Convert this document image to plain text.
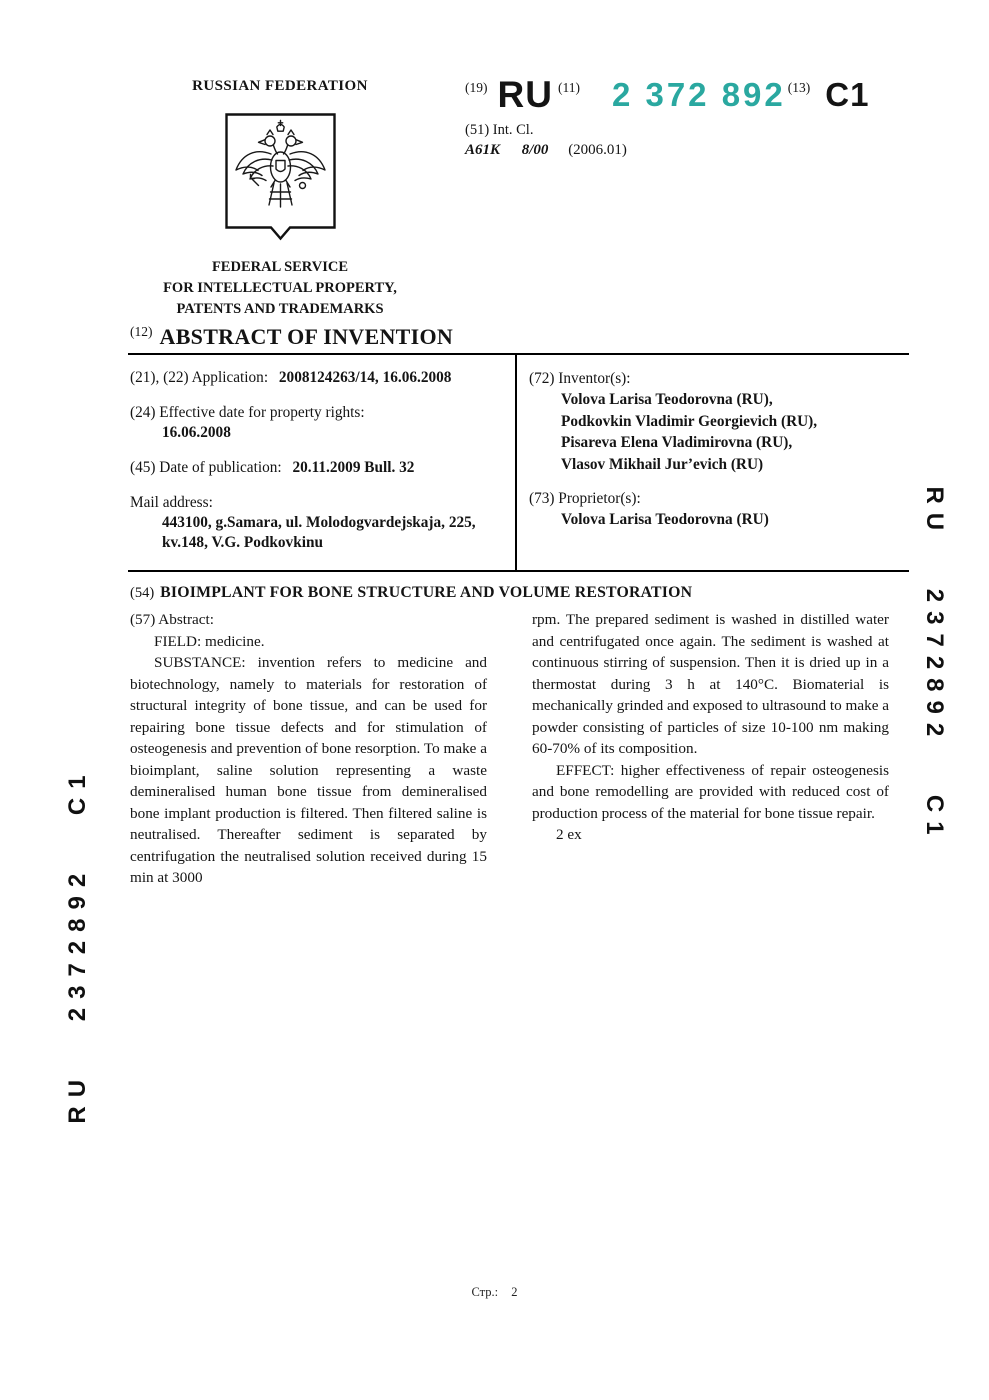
RU 2372892 C1
RU 2372892 C1
RUSSIAN FEDERATION
FEDERAL SERVICE
FOR INTELLECTUAL PROPERTY,
PATENTS AND TRADEMARKS
(19) RU (11) 2 372 892 (13) C1
(51) Int. Cl.
A61K 8/00 (2006.01)
$^{(12)}$ ABSTRACT OF INVENTION
(21), (22) Application: 2008124263/14, 16.06.2008
(24) Effective date for property rights:
16.06.2008
(45) Date of publication: 20.11.2009 Bull. 32
Mail address:
443100, g.Samara, ul. Molodogvardejskaja, 225, kv.148, V.G. Podkovkinu
(72) Inventor(s):
Volova Larisa Teodorovna (RU),
Podkovkin Vladimir Georgievich (RU),
Pisareva Elena Vladimirovna (RU),
Vlasov Mikhail Jur’evich (RU)
(73) Proprietor(s):
Volova Larisa Teodorovna (RU)
(54) BIOIMPLANT FOR BONE STRUCTURE AND VOLUME RESTORATION
(57) Abstract:

FIELD: medicine.

SUBSTANCE: invention refers to medicine and biotechnology, namely to materials for restoration of structural integrity of bone tissue, and can be used for repairing bone tissue defects and for stimulation of osteogenesis and prevention of bone resorption. To make a bioimplant, saline solution representing a waste demineralised human bone tissue from demineralised bone implant production is filtered. Then filtered saline is neutralised. Thereafter sediment is separated by centrifugation the neutralised solution received during 15 min at 3000

rpm. The prepared sediment is washed in distilled water and centrifugated once again. The sediment is washed at continuous stirring of suspension. Then it is dried up in a thermostat during 3 h at 140°C. Biomaterial is mechanically grinded and exposed to ultrasound to make a powder consisting of particles of size 10-100 nm making 60-70% of its composition.

EFFECT: higher effectiveness of repair osteogenesis and bone remodelling are provided with reduced cost of production process of the material for bone tissue repair.

2 ex

Стр.: 2
